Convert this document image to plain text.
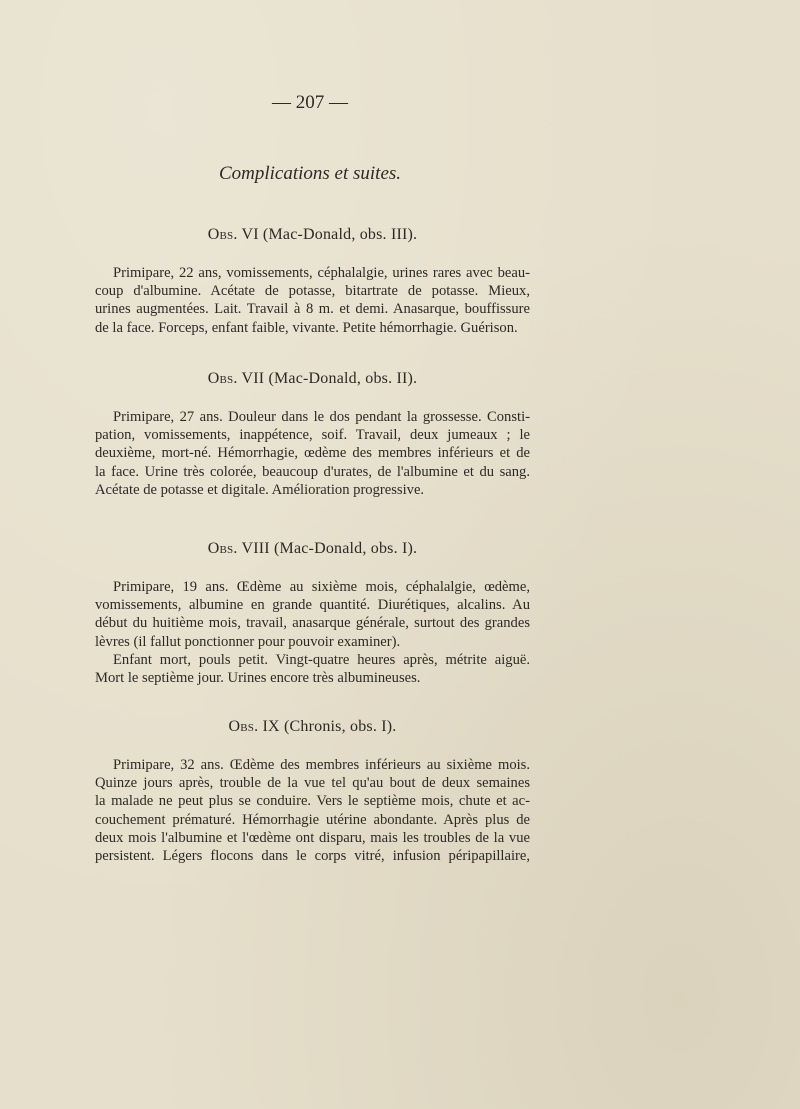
— 207 —
Complications et suites.
Obs. VI (Mac-Donald, obs. III).
Primipare, 22 ans, vomissements, céphalalgie, urines rares avec beau-
coup d'albumine. Acétate de potasse, bitartrate de potasse. Mieux,
urines augmentées. Lait. Travail à 8 m. et demi. Anasarque, bouffissure
de la face. Forceps, enfant faible, vivante. Petite hémorrhagie. Guérison.
Obs. VII (Mac-Donald, obs. II).
Primipare, 27 ans. Douleur dans le dos pendant la grossesse. Consti-
pation, vomissements, inappétence, soif. Travail, deux jumeaux ; le
deuxième, mort-né. Hémorrhagie, œdème des membres inférieurs et de
la face. Urine très colorée, beaucoup d'urates, de l'albumine et du sang.
Acétate de potasse et digitale. Amélioration progressive.
Obs. VIII (Mac-Donald, obs. I).
Primipare, 19 ans. Œdème au sixième mois, céphalalgie, œdème,
vomissements, albumine en grande quantité. Diurétiques, alcalins. Au
début du huitième mois, travail, anasarque générale, surtout des grandes
lèvres (il fallut ponctionner pour pouvoir examiner).
Enfant mort, pouls petit. Vingt-quatre heures après, métrite aiguë.
Mort le septième jour. Urines encore très albumineuses.
Obs. IX (Chronis, obs. I).
Primipare, 32 ans. Œdème des membres inférieurs au sixième mois.
Quinze jours après, trouble de la vue tel qu'au bout de deux semaines
la malade ne peut plus se conduire. Vers le septième mois, chute et ac-
couchement prématuré. Hémorrhagie utérine abondante. Après plus de
deux mois l'albumine et l'œdème ont disparu, mais les troubles de la vue
persistent. Légers flocons dans le corps vitré, infusion péripapillaire,
